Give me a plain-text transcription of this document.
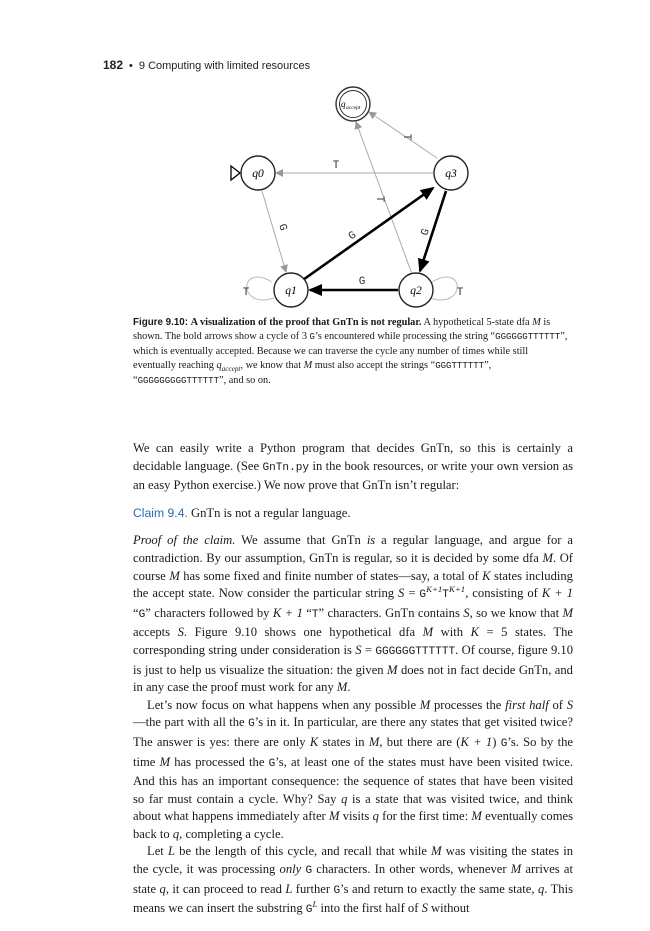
182 • 9 Computing with limited resources
q accept
q0	q3
q1	q2
T
G
G	G
G
T	T
T
T
Figure 9.10: A visualization of the proof that GnTn is not regular. A hypothetical 5-state dfa M is shown. The bold arrows show a cycle of 3 G’s encountered while processing the string “GGGGGGTTTTTT”, which is eventually accepted. Because we can traverse the cycle any number of times while still eventually reaching $q_{accept}$, we know that M must also accept the strings “GGGTTTTTT”, “GGGGGGGGGTTTTTT”, and so on.

We can easily write a Python program that decides GnTn, so this is certainly a decidable language. (See GnTn.py in the book resources, or write your own version as an easy Python exercise.) We now prove that GnTn isn’t regular:

Claim 9.4. GnTn is not a regular language.

Proof of the claim. We assume that GnTn is a regular language, and argue for a contradiction. By our assumption, GnTn is regular, so it is decided by some dfa M. Of course M has some fixed and finite number of states—say, a total of K states including the accept state. Now consider the particular string $S = G^{K+1}T^{K+1}$, consisting of K + 1 “G” characters followed by K + 1 “T” characters. GnTn contains S, so we know that M accepts S. Figure 9.10 shows one hypothetical dfa M with K = 5 states. The corresponding string under consideration is S = GGGGGGTTTTTT. Of course, figure 9.10 is just to help us visualize the situation: the given M does not in fact decide GnTn, and in any case the proof must work for any M.

Let’s now focus on what happens when any possible M processes the first half of S—the part with all the G’s in it. In particular, are there any states that get visited twice? The answer is yes: there are only K states in M, but there are (K + 1) G’s. So by the time M has processed the G’s, at least one of the states must have been visited twice. And this has an important consequence: the sequence of states that have been visited so far must contain a cycle. Why? Say q is a state that was visited twice, and think about what happens immediately after M visits q for the first time: M eventually comes back to q, completing a cycle.

Let L be the length of this cycle, and recall that while M was visiting the states in the cycle, it was processing only G characters. In other words, whenever M arrives at state q, it can proceed to read L further G’s and return to exactly the same state, q. This means we can insert the substring $G^L$ into the first half of S without
